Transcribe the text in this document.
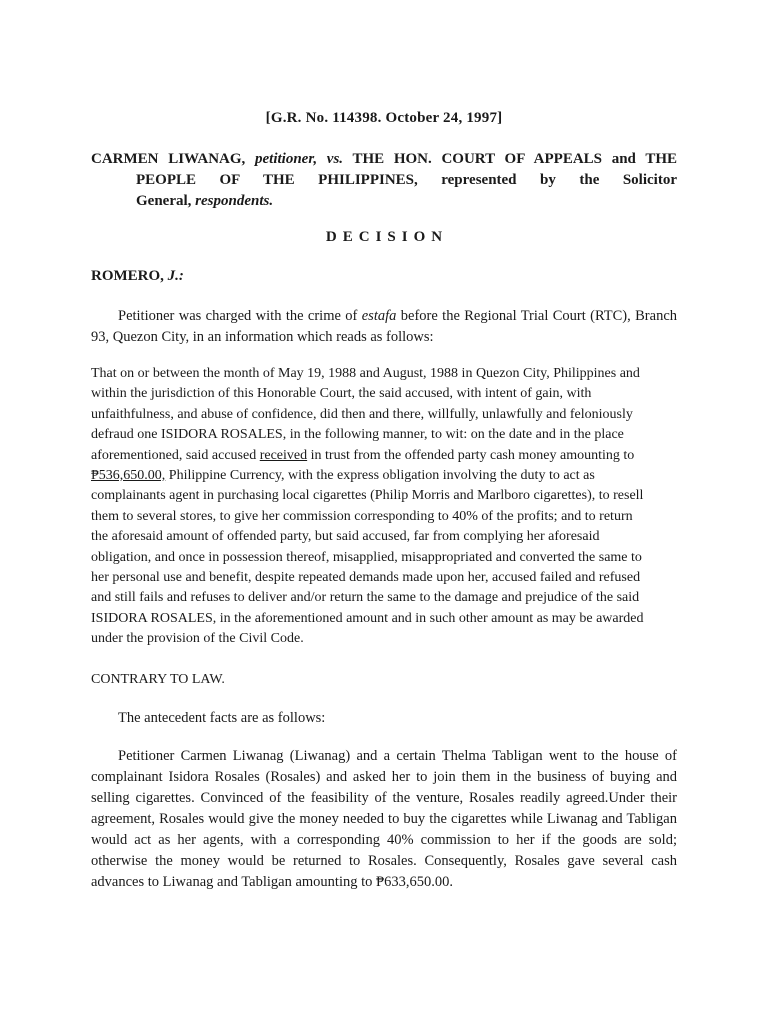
[G.R. No. 114398. October 24, 1997]
CARMEN LIWANAG, petitioner, vs. THE HON. COURT OF APPEALS and THE
PEOPLE OF THE PHILIPPINES, represented by the Solicitor
General, respondents.
DECISION
ROMERO, J.:
Petitioner was charged with the crime of estafa before the Regional Trial Court (RTC), Branch 93, Quezon City, in an information which reads as follows:
That on or between the month of May 19, 1988 and August, 1988 in Quezon City, Philippines and within the jurisdiction of this Honorable Court, the said accused, with intent of gain, with unfaithfulness, and abuse of confidence, did then and there, willfully, unlawfully and feloniously defraud one ISIDORA ROSALES, in the following manner, to wit: on the date and in the place aforementioned, said accused received in trust from the offended party cash money amounting to ₱536,650.00, Philippine Currency, with the express obligation involving the duty to act as complainants agent in purchasing local cigarettes (Philip Morris and Marlboro cigarettes), to resell them to several stores, to give her commission corresponding to 40% of the profits; and to return the aforesaid amount of offended party, but said accused, far from complying her aforesaid obligation, and once in possession thereof, misapplied, misappropriated and converted the same to her personal use and benefit, despite repeated demands made upon her, accused failed and refused and still fails and refuses to deliver and/or return the same to the damage and prejudice of the said ISIDORA ROSALES, in the aforementioned amount and in such other amount as may be awarded under the provision of the Civil Code.
CONTRARY TO LAW.
The antecedent facts are as follows:
Petitioner Carmen Liwanag (Liwanag) and a certain Thelma Tabligan went to the house of complainant Isidora Rosales (Rosales) and asked her to join them in the business of buying and selling cigarettes. Convinced of the feasibility of the venture, Rosales readily agreed.Under their agreement, Rosales would give the money needed to buy the cigarettes while Liwanag and Tabligan would act as her agents, with a corresponding 40% commission to her if the goods are sold; otherwise the money would be returned to Rosales. Consequently, Rosales gave several cash advances to Liwanag and Tabligan amounting to ₱633,650.00.
